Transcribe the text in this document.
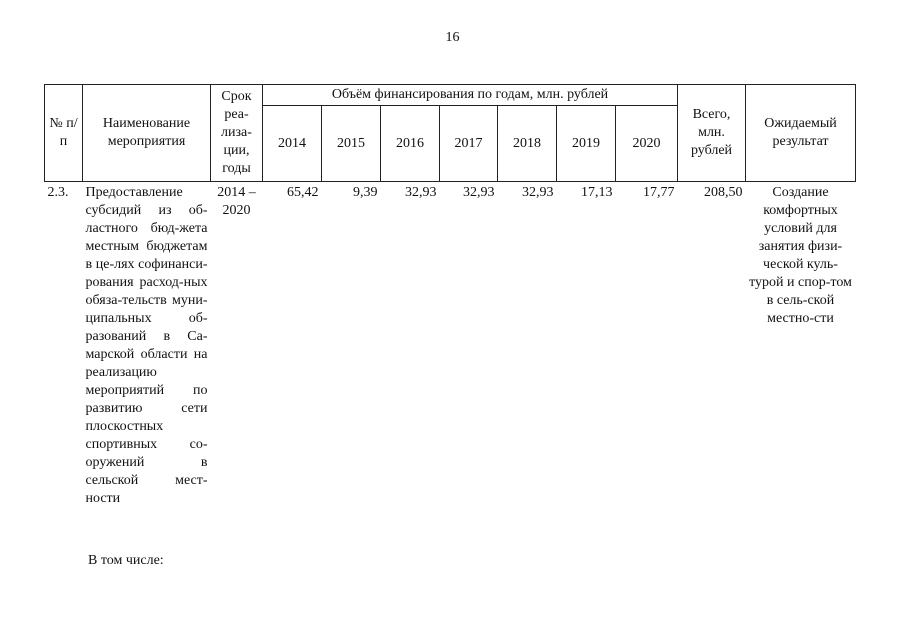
16
№ п/п	Наименование мероприятия	Срок реа-лиза-ции, годы	Объём финансирования по годам, млн. рублей							Всего, млн. рублей	Ожидаемый результат
			2014	2015	2016	2017	2018	2019	2020		
2.3.	Предоставление субсидий из об-ластного бюд-жета местным бюджетам в це-лях софинанси-рования расход-ных обяза-тельств муни-ципальных об-разований в Са-марской области на реализацию мероприятий по развитию сети плоскостных спортивных со-оружений в сельской мест-ности	2014 – 2020	65,42	9,39	32,93	32,93	32,93	17,13	17,77	208,50	Создание комфортных условий для занятия физи-ческой куль-турой и спор-том в сель-ской местно-сти
В том числе:
